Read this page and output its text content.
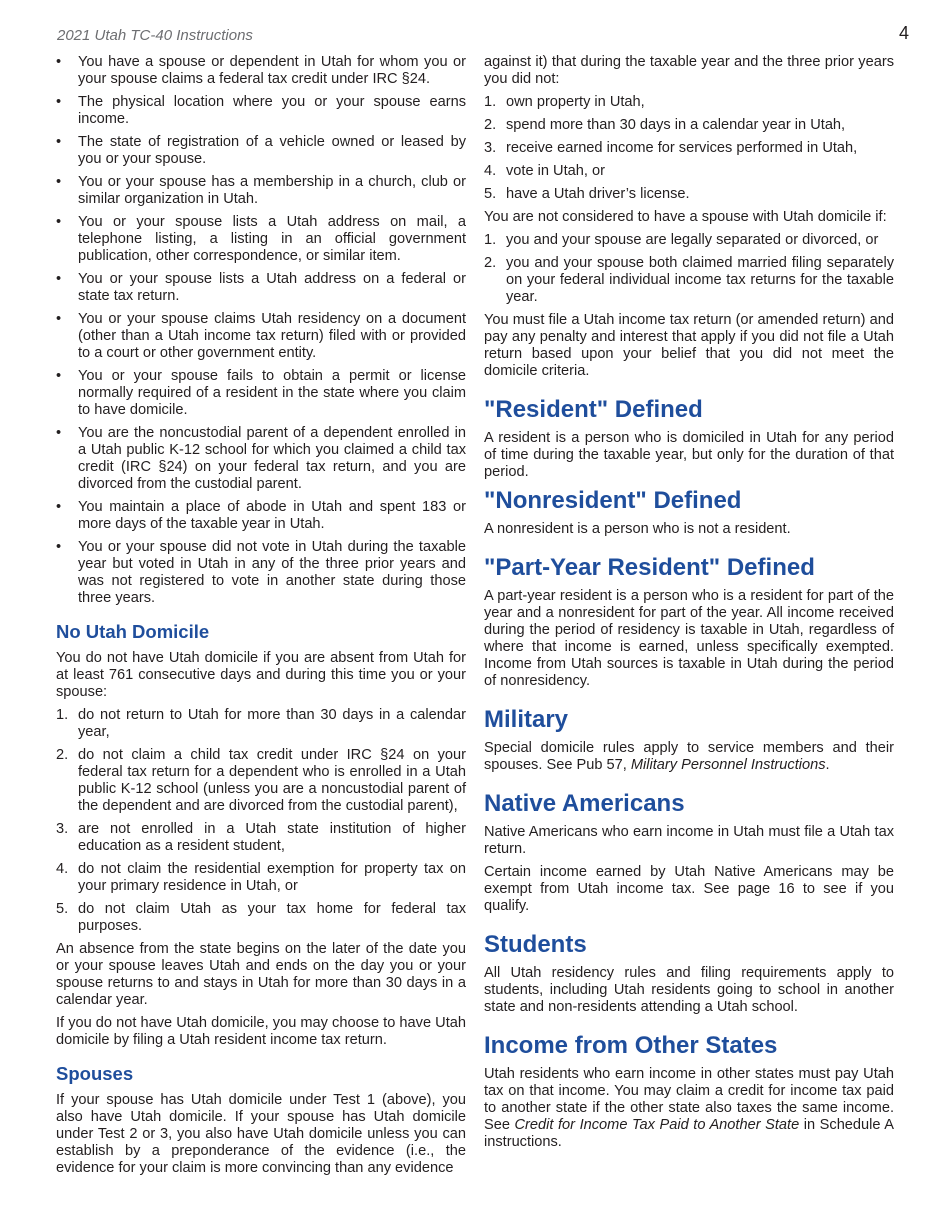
2021 Utah TC-40 Instructions	4
• You have a spouse or dependent in Utah for whom you or your spouse claims a federal tax credit under IRC §24.
• The physical location where you or your spouse earns income.
• The state of registration of a vehicle owned or leased by you or your spouse.
• You or your spouse has a membership in a church, club or similar organization in Utah.
• You or your spouse lists a Utah address on mail, a telephone listing, a listing in an official government publication, other correspondence, or similar item.
• You or your spouse lists a Utah address on a federal or state tax return.
• You or your spouse claims Utah residency on a document (other than a Utah income tax return) filed with or provided to a court or other government entity.
• You or your spouse fails to obtain a permit or license normally required of a resident in the state where you claim to have domicile.
• You are the noncustodial parent of a dependent enrolled in a Utah public K-12 school for which you claimed a child tax credit (IRC §24) on your federal tax return, and you are divorced from the custodial parent.
• You maintain a place of abode in Utah and spent 183 or more days of the taxable year in Utah.
• You or your spouse did not vote in Utah during the taxable year but voted in Utah in any of the three prior years and was not registered to vote in another state during those three years.
No Utah Domicile

You do not have Utah domicile if you are absent from Utah for at least 761 consecutive days and during this time you or your spouse:

1. do not return to Utah for more than 30 days in a calendar year,
2. do not claim a child tax credit under IRC §24 on your federal tax return for a dependent who is enrolled in a Utah public K-12 school (unless you are a noncustodial parent of the dependent and are divorced from the custodial parent),
3. are not enrolled in a Utah state institution of higher education as a resident student,
4. do not claim the residential exemption for property tax on your primary residence in Utah, or
5. do not claim Utah as your tax home for federal tax purposes.

An absence from the state begins on the later of the date you or your spouse leaves Utah and ends on the day you or your spouse returns to and stays in Utah for more than 30 days in a calendar year.

If you do not have Utah domicile, you may choose to have Utah domicile by filing a Utah resident income tax return.

Spouses

If your spouse has Utah domicile under Test 1 (above), you also have Utah domicile. If your spouse has Utah domicile under Test 2 or 3, you also have Utah domicile unless you can establish by a preponderance of the evidence (i.e., the evidence for your claim is more convincing than any evidence

against it) that during the taxable year and the three prior years you did not:

1. own property in Utah,
2. spend more than 30 days in a calendar year in Utah,
3. receive earned income for services performed in Utah,
4. vote in Utah, or
5. have a Utah driver’s license.

You are not considered to have a spouse with Utah domicile if:

1. you and your spouse are legally separated or divorced, or
2. you and your spouse both claimed married filing separately on your federal individual income tax returns for the taxable year.

You must file a Utah income tax return (or amended return) and pay any penalty and interest that apply if you did not file a Utah return based upon your belief that you did not meet the domicile criteria.

"Resident" Defined

A resident is a person who is domiciled in Utah for any period of time during the taxable year, but only for the duration of that period.

"Nonresident" Defined

A nonresident is a person who is not a resident.

"Part-Year Resident" Defined

A part-year resident is a person who is a resident for part of the year and a nonresident for part of the year. All income received during the period of residency is taxable in Utah, regardless of where that income is earned, unless specifically exempted. Income from Utah sources is taxable in Utah during the period of nonresidency.

Military

Special domicile rules apply to service members and their spouses. See Pub 57, Military Personnel Instructions.

Native Americans

Native Americans who earn income in Utah must file a Utah tax return.

Certain income earned by Utah Native Americans may be exempt from Utah income tax. See page 16 to see if you qualify.

Students

All Utah residency rules and filing requirements apply to students, including Utah residents going to school in another state and non-residents attending a Utah school.

Income from Other States

Utah residents who earn income in other states must pay Utah tax on that income. You may claim a credit for income tax paid to another state if the other state also taxes the same income. See Credit for Income Tax Paid to Another State in Schedule A instructions.
